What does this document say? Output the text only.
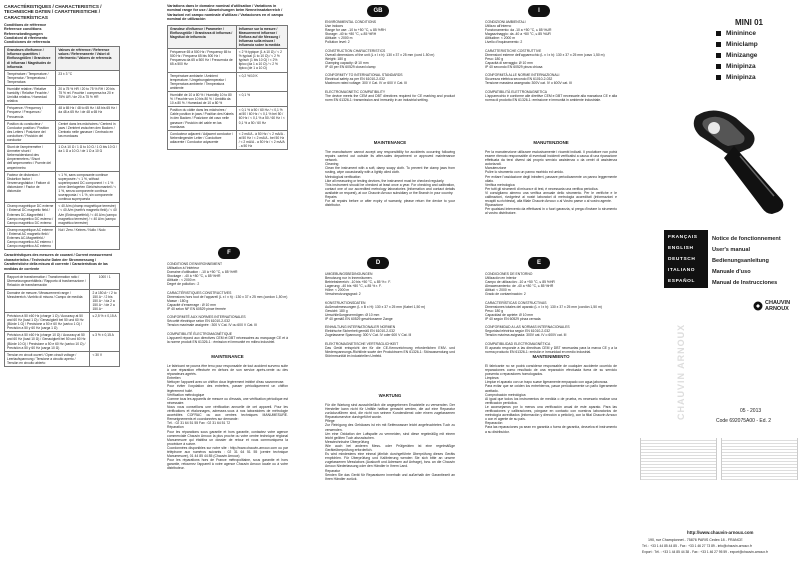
CARACTÉRISTIQUES / CHARACTERISTICS /
TECHNISCHE DATEN / CARATTERISTICHE /
CARACTERÍSTICAS
Conditions de référence
Reference conditions
Referenzbedingungen
Condizioni di riferimento
Condiciones de referencia
Grandeurs d'influence / Influence quantities / Einflussgrößen / Grandezze di influenza / Magnitudes de influencia	Valeurs de référence / Reference values / Referenzwerte / Valori di riferimento / Valores de referencia
Température / Temperature / Temperatur / Temperatura / Temperatura	23 ± 3 °C
Humidité relative / Relative humidity / Relative Feuchte / Umidità relativa / Humedad relativa	20 à 75 % HR / 20 to 75 % RH / 20 bis 75 % rel. Feuchte / compresa tra 20 e 75% UR / de 20 a 75 % HR
Fréquence / Frequency / Frequenz / Frequenza / Frecuencia	48 à 65 Hz / 48 to 65 Hz / 48 bis 65 Hz / da 48 a 65 Hz / de 48 a 65 Hz
Position du conducteur / Conductor position / Position des Leiters / Posizione del conduttore / Posición del conductor	Centré dans les mâchoires / Centred in jaws / Zentriert zwischen den Backen / Centrato nelle ganasce / Centrado en las mordazas
Stunt de l'ampèremètre / Ammeter shunt / Nebenwiderstand des Amperemeters / Shunt dell'amperometro / Puente del amperímetro	1 Ω à 10 Ω / 1 Ω to 10 Ω / 1 Ω bis 10 Ω / da 1 Ω a 10 Ω / de 1 Ω a 10 Ω
Facteur de distorsion / Distortion factor / Verzerrungsfaktor / Fattore di distorsione / Factor de distorsión	< 1 %, sans composante continue superposée / < 1 %, without superimposed DC component / < 1 % ohne überlagerten Gleichstromanteil / < 1 %, senza componente continua sovrapposta / < 1 %, sin componente continua superpuesta
Champ magnétique DC externe / External DC magnetic field / Externes DC-Magnetfeld / Campo magnetico DC esterno / Campo magnético DC externo	< 40 A/m (champ magnétique terrestre) / < 40 A/m (earth's magnetic field) / < 40 A/m (Erdmagnetfeld) / < 40 A/m (campo magnetico terrestre) / < 40 A/m (campo magnético terrestre)
Champ magnétique AC externe / External AC magnetic field / Externes AC-Magnetfeld / Campo magnetico AC esterno / Campo magnético AC externo	Nul / Zero / Keines / Nullo / Nulo
Caractéristiques des mesures de courant / Current measurement characteristics / Technische Daten der Strommessung / Caratteristiche della misura di corrente / Características de las medidas de corriente
Rapport de transformation / Transformation ratio / Übersetzungsverhältnis / Rapporto di trasformazione / Relación de transformación	1000 / 1
Domaine de mesure / Measurement range / Messbereich / Ambito di misura / Campo de medida	2 à 150 A~ / 2 to 150 A~ / 2 bis 150 A~ / da 2 a 150 A~ / de 2 a 150 A~
Précision à 50 ±60 Hz (charge 1 Ω) / Accuracy at 50 and 60 Hz (load 1 Ω) / Genauigkeit bei 50 und 60 Hz (Bürde 1 Ω) / Precisione a 50 e 60 Hz (carico 1 Ω) / Precisión a 50 y 60 Hz (carga 1 Ω)	≤ 2,5 % ± 0,15 A
Précision à 50 ±60 Hz (charge 10 Ω) / Accuracy at 50 and 60 Hz (load 10 Ω) / Genauigkeit bei 50 und 60 Hz (Bürde 10 Ω) / Precisione a 50 e 60 Hz (carico 10 Ω) / Precisión a 50 y 60 Hz (carga 10 Ω)	≤ 3 % ± 0,15 A
Tension en circuit ouvert / Open circuit voltage / Leerlaufspannung / Tensione a circuito aperto / Tensión en circuito abierto	< 30 V
Variations dans le domaine nominal d'utilisation / Variations in nominal range for use / Abweichungen beim Nenneinsatzbereich / Variazioni nel campo nominale d'utilizzo / Variaciones en el campo nominal de utilización
Grandeur d'influence / Parameter / Einflussgröße / Grandezza di influenza / Magnitud de influencia	Influence sur la mesure / Measurement influence / Einfluss auf die Messung / Influenza sulla misura / Influencia sobre la medida
Fréquence 65 à 500 Hz / Frequency 65 to 500 Hz / Frequenz 65 bis 500 Hz / Frequenza da 65 a 500 Hz / Frecuencia de 65 a 500 Hz	< 2 % typique (1 à 10 Ω) / < 2 % typical (1 to 10 Ω) / < 2 % typisch (1 bis 10 Ω) / < 2% tipico (da 1 a 10 Ω) / < 2 % típico (de 1 a 10 Ω)
Température ambiante / Ambient temperature / Umgebungstemperatur / Temperatura ambiente / Temperatura ambiente	< 0,2 %/10 K
Humidité de 10 à 80 % / Humidity 10 to 80 % / Feuchte von 10 bis 80 % / Umidità da 10 a 80 % / Humedad de 10 a 80 %	< 0,1 %
Position du câble dans les mâchoires / Cable position in jaws / Position des Kabels in den Backen / Posizione del cavo nelle ganasce / Posición del cable en las mordazas	< 0,1 % à 50 / 60 Hz / < 0,1 % at 50 / 60 Hz / < 0,1 % bei 50 / 60 Hz / < 0,1 % a 50 / 60 Hz / < 0,1 % a 50 / 60 Hz
Conducteur adjacent / Adjacent conductor / Nebenliegender Leiter / Conduttore adiacente / Conductor adyacente	< 2 mA/A - à 50 Hz / < 2 mA/A - at 50 Hz / < 2 mA/A - bei 50 Hz / < 2 mA/A - a 50 Hz / < 2 mA/A - a 50 Hz
F
CONDITIONS D'ENVIRONNEMENT
Utilisation à l'intérieur
Domaine d'utilisation : -10 à +50 °C, ≤ 85 %HR
Stockage : -40 à +80 °C, ≤ 85 %HR
Altitude : < 2000 m
Degré de pollution : 2

CARACTÉRISTIQUES CONSTRUCTIVES
Dimensions hors tout de l'appareil (L x l x h) : 130 x 37 x 25 mm (cordon 1,50 m)
Masse : 180 g
Capacité d'enserrage : Ø 10 mm
IP 40 selon NF EN 60529 pince fermée

CONFORMITÉ AUX NORMES INTERNATIONALES
Sécurité électrique selon EN 61010-2-032
Tension maximale assignée : 300 V Cat. IV ou 600 V Cat. III

COMPATIBILITÉ ÉLECTROMAGNÉTIQUE
L'appareil répond aux directives CEM et DBT nécessaires au marquage CE et à la norme produit EN 61326-1 : émission et immunité en milieu industriel.
MAINTENANCE
Le fabricant ne pourra être tenu pour responsable de tout accident survenu suite à une réparation effectuée en dehors de son service après-vente ou des réparateurs agréés.
Entretien
Nettoyer l'appareil avec un chiffon doux légèrement imbibé d'eau savonneuse.
Pour éviter l'oxydation des entrefers, passer périodiquement un chiffon légèrement huilé.
Vérification métrologique
Comme tous les appareils de mesure ou d'essais, une vérification périodique est nécessaire.
Nous vous conseillons une vérification annuelle de cet appareil. Pour les vérifications et étalonnages, adressez-vous à nos laboratoires de métrologie accrédités COFRAC ou aux centres techniques MANUMESURE. Renseignements et coordonnées sur demande :
Tél. : 02 31 64 51 55 Fax : 02 31 64 51 72
Réparation
Pour les réparations sous garantie et hors garantie, contactez votre agence commerciale Chauvin Arnoux la plus proche ou votre centre technique régional Manumesure qui établira un dossier de retour et vous communiquera la procédure à suivre.
Coordonnées disponibles sur notre site : http://www.chauvin-arnoux.com ou par téléphone aux numéros suivants : 02 31 64 51 55 (centre technique Manumesure), 01 44 85 44 85 (Chauvin Arnoux)
Pour les réparations hors de France métropolitaine, sous garantie et hors garantie, retournez l'appareil à votre agence Chauvin Arnoux locale ou à votre distributeur.
GB
ENVIRONMENTAL CONDITIONS
Use indoors
Range for use: -10 to +50 °C, ≤ 85 %RH
Storage: -40 to +80 °C, ≤ 85 %RH
Altitude: < 2000 m
Pollution level: 2

CONSTRUCTION CHARACTERISTICS
Overall dimensions of the unit (L x l x h): 130 x 37 x 25 mm (cord 1.50 m)
Weight: 180 g
Clamping capacity: Ø 10 mm
IP 40 per EN 60529 closed clamp

CONFORMITY TO INTERNATIONAL STANDARDS
Electrical safety as per EN 61010-2-032
Maximum rated voltage: 300 V Cat. IV or 600 V Cat. III

ELECTROMAGNETIC COMPATIBILITY
The device meets the CEM and DBT directives required for CE marking and product norm EN 61326-1: transmission and immunity in an industrial setting.
MAINTENANCE
The manufacturer cannot accept any responsibility for accidents occurring following repairs carried out outside its after-sales department or approved maintenance network.
Cleaning
Clean the instrument with a soft, damp soapy cloth. To prevent the clamp jaws from rusting, wipe occasionally with a lightly oiled cloth.
Metrological verification
Like all measuring or testing devices, the instrument must be checked regularly.
This instrument should be checked at least once a year. For checking and calibration, contact one of our accredited metrology laboratories (information and contact details available on request), at our Chauvin Arnoux subsidiary or the Branch in your country.
Repairs
For all repairs before or after expiry of warranty, please return the device to your distributor.
D
UMGEBUNGSBEDINGUNGEN
Benutzung nur in Innenräumen.
Betriebsbereich: -10 bis +50 °C, ≤ 85 % r. F.
Lagerung: -40 bis +80 °C, ≤ 85 % r. F.
Höhe: < 2000 m
Verschmutzungsgrad: 2

KONSTRUKTIONSDATEN
Außenabmessungen (L x B x H): 130 x 37 x 25 mm (Kabel 1,50 m)
Gewicht: 180 g
Umschließungsvermögen: Ø 10 mm
IP 40 gemäß EN 60529 geschlossene Zange

EINHALTUNG INTERNATIONALER NORMEN
Elektrische Sicherheit gemäß EN 61010-2-032
Zugelassene Spannung: 300 V Cat. IV oder 600 V Cat. III

ELEKTROMAGNETISCHE VERTRÄGLICHKEIT
Das Gerät entspricht der für die CE-Kennzeichnung erforderlichen EMV- und Niederspannungs-Richtlinie sowie der Produktnorm EN 61326-1: Störaussendung und Störimmunität im industriellen Umfeld.
WARTUNG
Für die Wartung sind ausschließlich die angegebenen Ersatzteile zu verwenden. Der Hersteller kann nicht für Unfälle haftbar gemacht werden, die auf eine Reparatur zurückzuführen sind, die nicht von seinem Kundendienst oder einem zugelassenen Reparaturservice durchgeführt wurde.
Pflege
Zur Reinigung des Gehäuses ist ein mit Seifenwasser leicht angefeuchtetes Tuch zu verwenden.
Um eine Oxidation der Luftspalte zu vermeiden, sind diese regelmäßig mit einem leicht geölten Tuch abzuwischen.
Messtechnische Überprüfung
Wie auch bei anderen Mess- oder Prüfgeräten ist eine regelmäßige Geräteüberprüfung erforderlich.
Es wird mindestens eine einmal jährlich durchgeführte Überprüfung dieses Geräts empfohlen. Für Überprüfung und Kalibrierung wenden Sie sich bitte an unsere zugelassenen Messlabors (Auskunft und Adressen auf Anfrage), bzw. an die Chauvin Arnoux Niederlassung oder den Händler in Ihrem Land.
Reparatur
Senden Sie das Gerät für Reparaturen innerhalb und außerhalb der Garantiezeit an Ihren Händler zurück.
I
CONDIZIONI AMBIENTALI
Utilizzo all'interno
Funzionamento: da -10 a +50 °C, ≤ 85 %UR
Magazzinaggio: da -40 a +80 °C, ≤ 85 %UR
Altitudine: < 2000 m
Livello d'inquinamento: 2

CARATTERISTICHE COSTRUTTIVE
Dimensioni esterne dell'apparecchio (L x l x h): 130 x 37 x 25 mm (cavo 1,50 m)
Peso: 180 g
Capacità di serraggio: Ø 10 mm
IP 40 secondo EN 60529 pinza chiusa

CONFORMITÀ ALLE NORME INTERNAZIONALI
Sicurezza elettrica secondo EN 61010-2-032
Tensione massima assegnata: 300V cat. IV o 600V cat. III

COMPATIBILITÀ ELETTROMAGNETICA
L'apparecchio è conforme alle direttive CEM e DBT necessarie alla marcatura CE e alla norma di prodotto EN 61326-1: emissione e immunità in ambiente industriale.
MANUTENZIONE
Per la manutenzione utilizzare esclusivamente i ricambi indicati. Il produttore non potrà essere ritenuto responsabile di eventuali incidenti verificatisi a causa di una riparazione effettuata da terzi diversi dal proprio servizio assistenza o da centri di assistenza autorizzati.
Manutenzione
Pulire lo strumento con un panno morbido ed umido.
Per evitare l'ossidazione degli intraferri, passare periodicamente un panno leggermente oliato.
Verifica metrologica
Per tutti gli strumenti di misura e di test, è necessaria una verifica periodica.
Vi consigliamo almeno una verifica annuale dello strumento. Per le verifiche e le calibrazioni, rivolgetevi ai nostri laboratori di metrologia accreditati (informazioni e recapiti su richiesta), alla filiale Chauvin Arnoux o al Vostro paese o al vostro agente.
Riparazione
Per qualsiasi intervento da effettuarsi in o fuori garanzia, si prega d'inviare lo strumento al vostro distributore.
E
CONDICIONES DE ENTORNO
Utilización en interior
Campo de utilización: -10 a +50 °C, ≤ 85 %HR
Almacenamiento: de -40 a +80 °C, ≤ 85 %HR
Altitud: < 2000 m
Grado de contaminación: 2

CARACTERÍSTICAS CONSTRUCTIVAS
Dimensiones totales del aparato (L x l x h): 130 x 37 x 25 mm (cordón 1,50 m)
Peso: 180 g
Capacidad de apriete: Ø 10 mm
IP 40 según EN 60529 pinza cerrada

CONFORMIDAD A LAS NORMAS INTERNACIONALES
Seguridad eléctrica según EN 61010-2-032
Tensión máxima asignada: 300V cat. IV o 600V cat. III

COMPATIBILIDAD ELECTROMAGNÉTICA
El aparato responde a las directivas CEM y DBT necesarias para la marca CE y a la norma producto EN 61326-1: emisión e inmunidad en medio industrial.
MANTENIMIENTO
El fabricante no se podrá considerar responsable de cualquier accidente ocurrido de reparaciones como resultado de una reparación efectuada fuera de su servicio posventa o reparadores homologados.
Limpieza
Limpiar el aparato con un trapo suave ligeramente empapado con agua jabonosa.
Para evitar que se oxiden los entrehierros, pasar periódicamente un paño ligeramente aceitado.
Comprobación metrológica
Al igual que todos los instrumentos de medida o de prueba, es necesario realizar una verificación periódica.
Le aconsejamos por lo menos una verificación anual de este aparato. Para las verificaciones y calibraciones, póngase en contacto con nuestros laboratorios de metrología acreditados (información y dirección a petición), con la filial Chauvin Arnoux o con el agente de su país.
Reparación
Para las reparaciones ya sean en garantía o fuera de garantía, devuelva el instrumento a su distribuidor.
MINI 01
Mininince
Miniclamp
Minizange
Minipinza
Minipinza
FRANÇAIS
ENGLISH
DEUTSCH
ITALIANO
ESPAÑOL
Notice de fonctionnement
User's manual
Bedienungsanleitung
Manuale d'uso
Manual de Instrucciones
CHAUVIN ARNOUX
CHAUVIN ARNOUX	05 - 2013
Code 692075A00 - Ed. 2
http://www.chauvin-arnoux.com
190, rue Championnet - 75876 PARIS Cedex 18 - FRANCE
Tél. : +33 1 44 85 44 85 - Fax : +33 1 46 27 73 89 - info@chauvin-arnoux.fr
Export : Tél. : +33 1 44 85 44 38 - Fax : +33 1 46 27 95 59 - export@chauvin-arnoux.fr
